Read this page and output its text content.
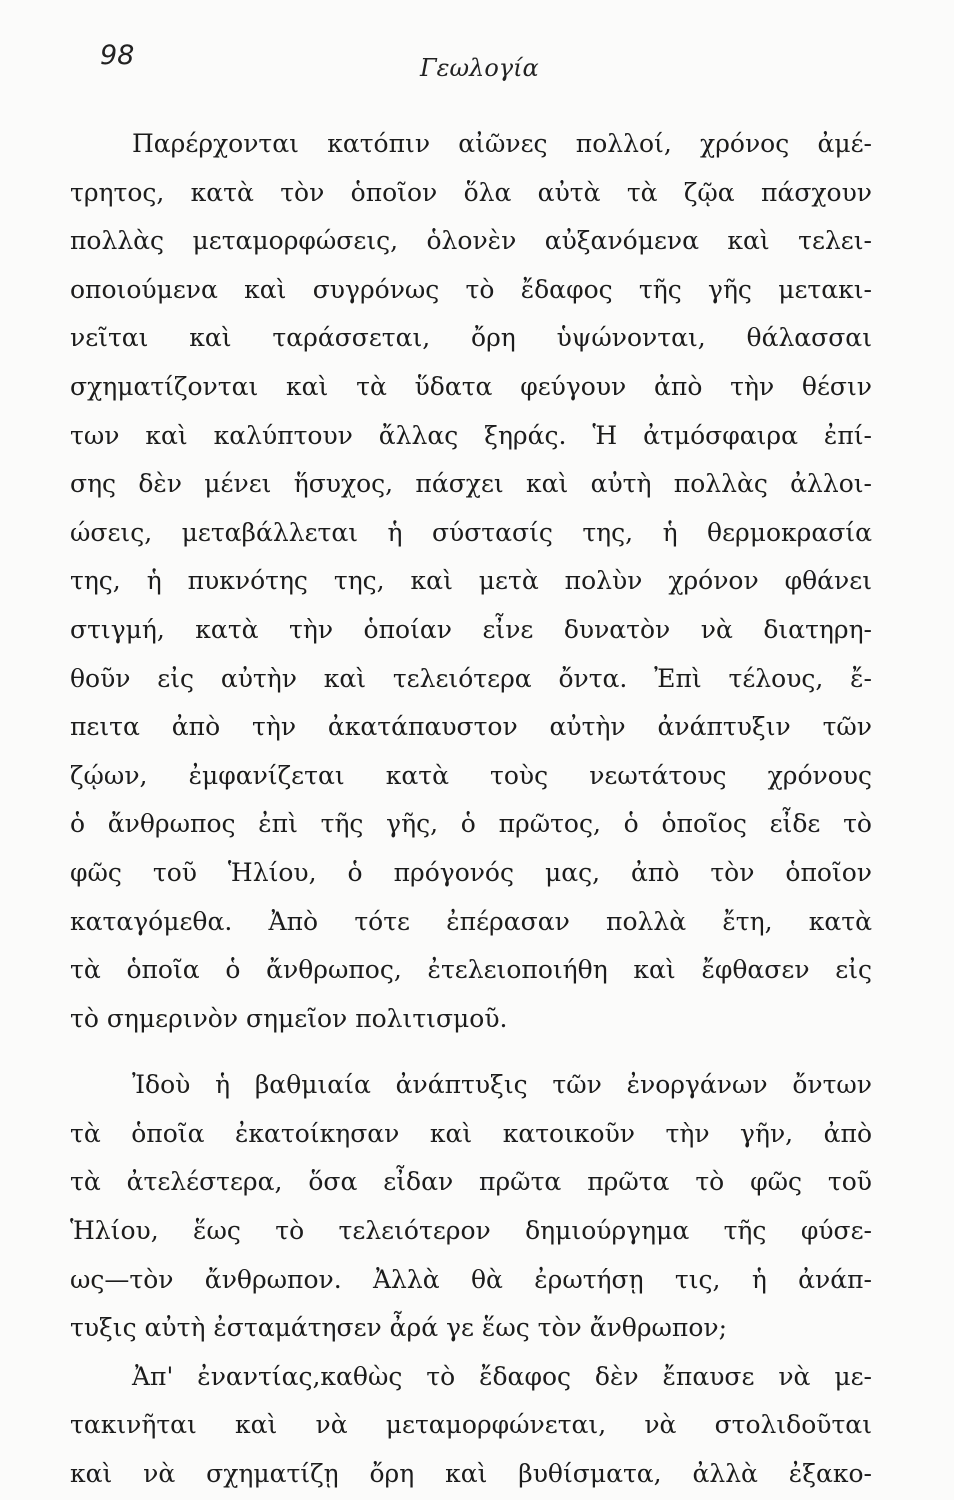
98	Γεωλογία
Παρέρχονται κατόπιν αἰῶνες πολλοί, χρόνος ἀμέ-
τρητος, κατὰ τὸν ὁποῖον ὅλα αὐτὰ τὰ ζῷα πάσχουν
πολλὰς μεταμορφώσεις, ὁλονὲν αὐξανόμενα καὶ τελει-
οποιούμενα καὶ συγρόνως τὸ ἔδαφος τῆς γῆς μετακι-
νεῖται καὶ ταράσσεται, ὄρη ὑψώνονται, θάλασσαι
σχηματίζονται καὶ τὰ ὕδατα φεύγουν ἀπὸ τὴν θέσιν
των καὶ καλύπτουν ἄλλας ξηράς. Ἡ ἀτμόσφαιρα ἐπί-
σης δὲν μένει ἥσυχος, πάσχει καὶ αὐτὴ πολλὰς ἀλλοι-
ώσεις, μεταβάλλεται ἡ σύστασίς της, ἡ θερμοκρασία
της, ἡ πυκνότης της, καὶ μετὰ πολὺν χρόνον φθάνει
στιγμή, κατὰ τὴν ὁποίαν εἶνε δυνατὸν νὰ διατηρη-
θοῦν εἰς αὐτὴν καὶ τελειότερα ὄντα. Ἐπὶ τέλους, ἔ-
πειτα ἀπὸ τὴν ἀκατάπαυστον αὐτὴν ἀνάπτυξιν τῶν
ζῴων, ἐμφανίζεται κατὰ τοὺς νεωτάτους χρόνους
ὁ ἄνθρωπος ἐπὶ τῆς γῆς, ὁ πρῶτος, ὁ ὁποῖος εἶδε τὸ
φῶς τοῦ Ἡλίου, ὁ πρόγονός μας, ἀπὸ τὸν ὁποῖον
καταγόμεθα. Ἀπὸ τότε ἐπέρασαν πολλὰ ἔτη, κατὰ
τὰ ὁποῖα ὁ ἄνθρωπος, ἐτελειοποιήθη καὶ ἔφθασεν εἰς
τὸ σημερινὸν σημεῖον πολιτισμοῦ.
Ἰδοὺ ἡ βαθμιαία ἀνάπτυξις τῶν ἐνοργάνων ὄντων
τὰ ὁποῖα ἐκατοίκησαν καὶ κατοικοῦν τὴν γῆν, ἀπὸ
τὰ ἀτελέστερα, ὅσα εἶδαν πρῶτα πρῶτα τὸ φῶς τοῦ
Ἡλίου, ἕως τὸ τελειότερον δημιούργημα τῆς φύσε-
ως—τὸν ἄνθρωπον. Ἀλλὰ θὰ ἐρωτήσῃ τις, ἡ ἀνάπ-
τυξις αὐτὴ ἐσταμάτησεν ἆρά γε ἕως τὸν ἄνθρωπον;
Ἀπ' ἐναντίας,καθὼς τὸ ἔδαφος δὲν ἔπαυσε νὰ με-
τακινῆται καὶ νὰ μεταμορφώνεται, νὰ στολιδοῦται
καὶ νὰ σχηματίζῃ ὄρη καὶ βυθίσματα, ἀλλὰ ἐξακο-
